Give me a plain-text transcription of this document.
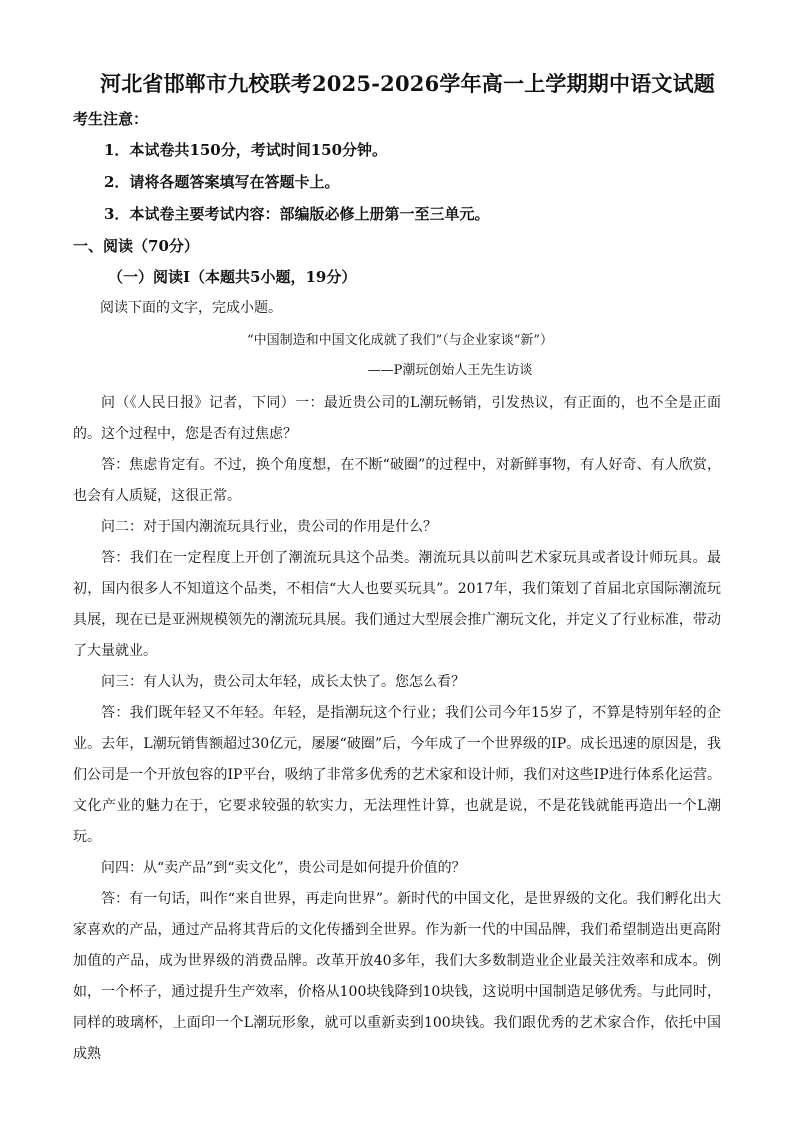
河北省邯郸市九校联考2025-2026学年高一上学期期中语文试题
考生注意：
1．本试卷共150分，考试时间150分钟。
2．请将各题答案填写在答题卡上。
3．本试卷主要考试内容：部编版必修上册第一至三单元。
一、阅读（70分）
（一）阅读Ⅰ（本题共5小题，19分）
阅读下面的文字，完成小题。
“中国制造和中国文化成就了我们”（与企业家谈“新”）
——P潮玩创始人王先生访谈

问（《人民日报》记者，下同）一：最近贵公司的L潮玩畅销，引发热议，有正面的，也不全是正面的。这个过程中，您是否有过焦虑？

答：焦虑肯定有。不过，换个角度想，在不断“破圈”的过程中，对新鲜事物，有人好奇、有人欣赏，也会有人质疑，这很正常。

问二：对于国内潮流玩具行业，贵公司的作用是什么？

答：我们在一定程度上开创了潮流玩具这个品类。潮流玩具以前叫艺术家玩具或者设计师玩具。最初，国内很多人不知道这个品类，不相信“大人也要买玩具”。2017年，我们策划了首届北京国际潮流玩具展，现在已是亚洲规模领先的潮流玩具展。我们通过大型展会推广潮玩文化，并定义了行业标准，带动了大量就业。

问三：有人认为，贵公司太年轻，成长太快了。您怎么看？

答：我们既年轻又不年轻。年轻，是指潮玩这个行业；我们公司今年15岁了，不算是特别年轻的企业。去年，L潮玩销售额超过30亿元，屡屡“破圈”后，今年成了一个世界级的IP。成长迅速的原因是，我们公司是一个开放包容的IP平台，吸纳了非常多优秀的艺术家和设计师，我们对这些IP进行体系化运营。文化产业的魅力在于，它要求较强的软实力，无法理性计算，也就是说，不是花钱就能再造出一个L潮玩。

问四：从“卖产品”到“卖文化”，贵公司是如何提升价值的？

答：有一句话，叫作“来自世界，再走向世界”。新时代的中国文化，是世界级的文化。我们孵化出大家喜欢的产品，通过产品将其背后的文化传播到全世界。作为新一代的中国品牌，我们希望制造出更高附加值的产品，成为世界级的消费品牌。改革开放40多年，我们大多数制造业企业最关注效率和成本。例如，一个杯子，通过提升生产效率，价格从100块钱降到10块钱，这说明中国制造足够优秀。与此同时，同样的玻璃杯，上面印一个L潮玩形象，就可以重新卖到100块钱。我们跟优秀的艺术家合作，依托中国成熟
